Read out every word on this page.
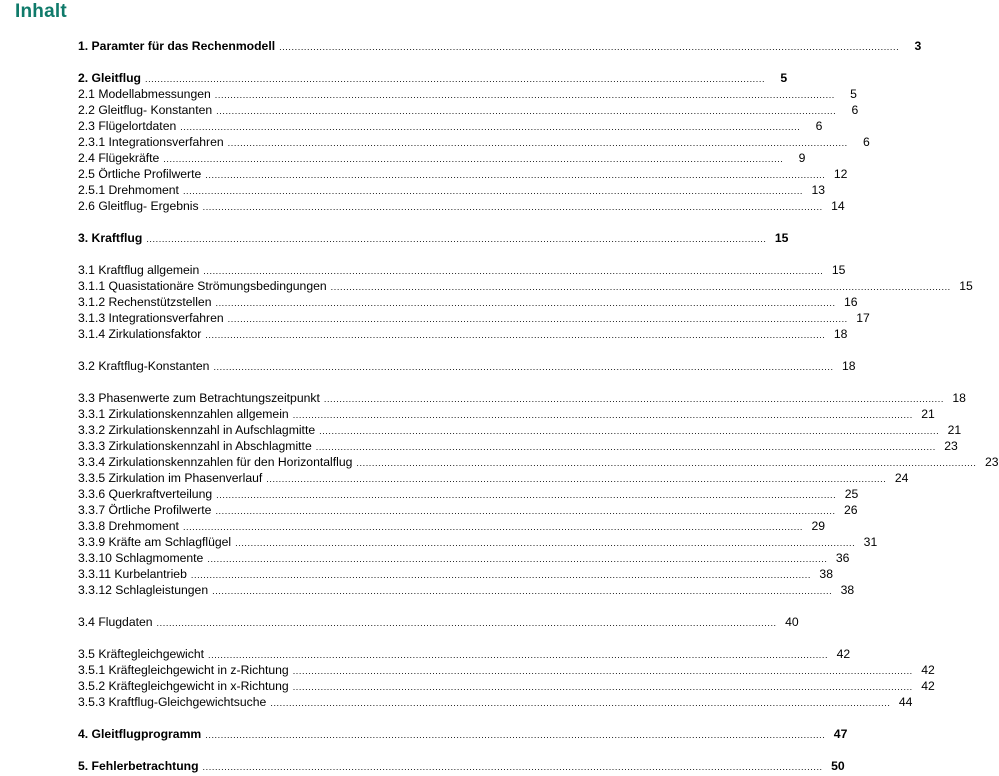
Inhalt
1. Paramter für das Rechenmodell ........................................................................................................................................................................................................	3
2. Gleitflug ........................................................................................................................................................................................................	5
2.1 Modellabmessungen ........................................................................................................................................................................................................	5
2.2 Gleitflug- Konstanten ........................................................................................................................................................................................................	6
2.3 Flügelortdaten ........................................................................................................................................................................................................	6
2.3.1 Integrationsverfahren ........................................................................................................................................................................................................	6
2.4 Flügekräfte ........................................................................................................................................................................................................	9
2.5 Örtliche Profilwerte ........................................................................................................................................................................................................ 12
2.5.1 Drehmoment ........................................................................................................................................................................................................ 13
2.6 Gleitflug- Ergebnis ........................................................................................................................................................................................................ 14
3. Kraftflug ........................................................................................................................................................................................................ 15
3.1 Kraftflug allgemein ........................................................................................................................................................................................................ 15
3.1.1 Quasistationäre Strömungsbedingungen ........................................................................................................................................................................................................ 15
3.1.2 Rechenstützstellen ........................................................................................................................................................................................................ 16
3.1.3 Integrationsverfahren ........................................................................................................................................................................................................ 17
3.1.4 Zirkulationsfaktor ........................................................................................................................................................................................................ 18
3.2 Kraftflug-Konstanten ........................................................................................................................................................................................................ 18
3.3 Phasenwerte zum Betrachtungszeitpunkt ........................................................................................................................................................................................................ 18
3.3.1 Zirkulationskennzahlen allgemein ........................................................................................................................................................................................................ 21
3.3.2 Zirkulationskennzahl in Aufschlagmitte ........................................................................................................................................................................................................ 21
3.3.3 Zirkulationskennzahl in Abschlagmitte ........................................................................................................................................................................................................ 23
3.3.4 Zirkulationskennzahlen für den Horizontalflug ........................................................................................................................................................................................................ 23
3.3.5 Zirkulation im Phasenverlauf ........................................................................................................................................................................................................ 24
3.3.6 Querkraftverteilung ........................................................................................................................................................................................................ 25
3.3.7 Örtliche Profilwerte ........................................................................................................................................................................................................ 26
3.3.8 Drehmoment ........................................................................................................................................................................................................ 29
3.3.9 Kräfte am Schlagflügel ........................................................................................................................................................................................................ 31
3.3.10 Schlagmomente ........................................................................................................................................................................................................ 36
3.3.11 Kurbelantrieb ........................................................................................................................................................................................................ 38
3.3.12 Schlagleistungen ........................................................................................................................................................................................................ 38
3.4 Flugdaten ........................................................................................................................................................................................................ 40
3.5 Kräftegleichgewicht ........................................................................................................................................................................................................ 42
3.5.1 Kräftegleichgewicht in z-Richtung ........................................................................................................................................................................................................ 42
3.5.2 Kräftegleichgewicht in x-Richtung ........................................................................................................................................................................................................ 42
3.5.3 Kraftflug-Gleichgewichtsuche ........................................................................................................................................................................................................ 44
4. Gleitflugprogramm ........................................................................................................................................................................................................ 47
5. Fehlerbetrachtung ........................................................................................................................................................................................................ 50
